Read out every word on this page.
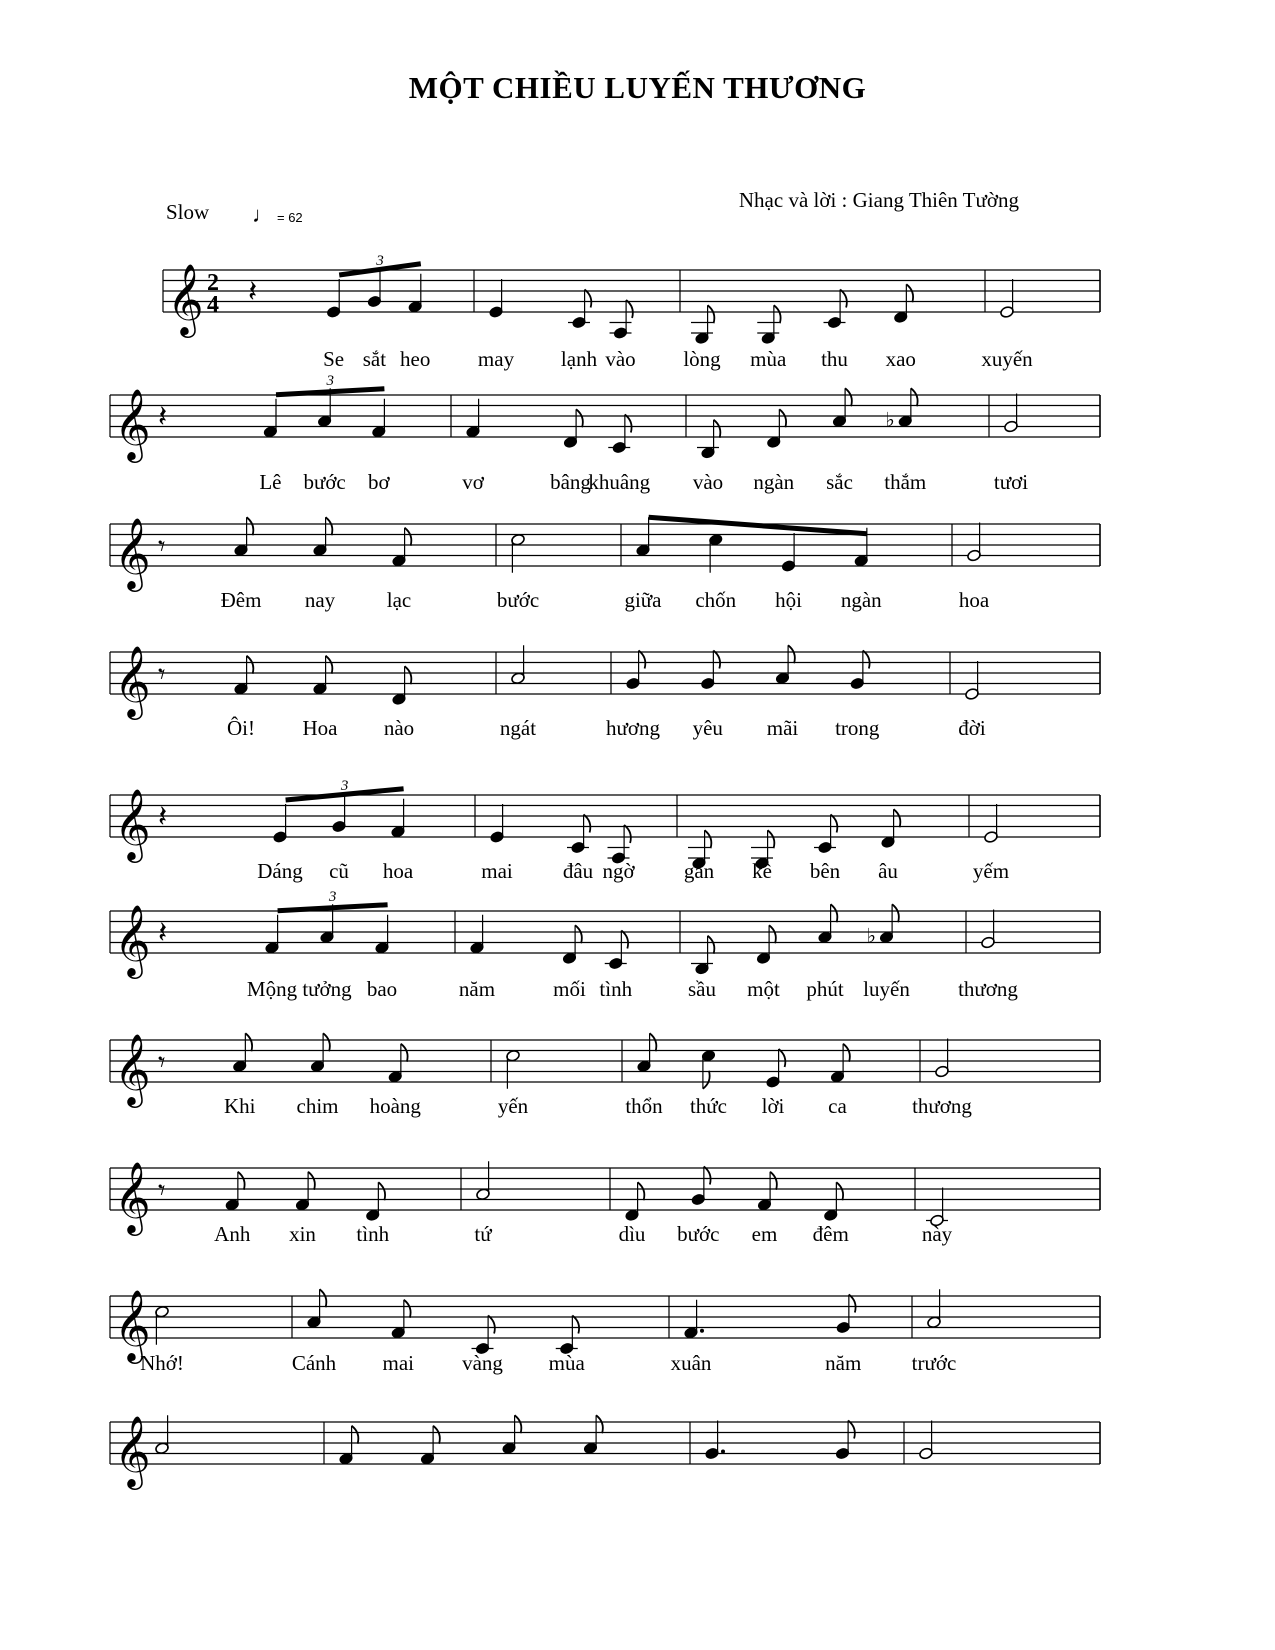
MỘT CHIỀU LUYẾN THƯƠNG
Slow ♩ = 62
Nhạc và lời : Giang Thiên Tường
𝄞 2
4 𝄽
3
Se sắt heo may lạnh vào lòng mùa thu xao	xuyến
𝄞 𝄽
3
♭
Lê bước bơ	vơ	bâng
khuâng vào ngàn sắc thắm	tươi
𝄞 𝄾
Đêm nay lạc	bước	giữa chốn hội ngàn	hoa
𝄞 𝄾
Ôi! Hoa nào	ngát	hương yêu mãi trong	đời
𝄞 𝄽
3
Dáng cũ hoa	mai đâu ngờ gần kề bên âu	yếm
𝄞 𝄽
3
♭
Mộng tưởng bao	năm	mối tình	sầu một phút luyến thương
𝄞 𝄾
Khi chim hoàng	yến	thổn thức lời ca	thương
𝄞 𝄾
Anh xin tình	tứ	dìu bước em đêm	này
𝄞
Nhớ!	Cánh mai vàng mùa	xuân	năm trước
𝄞
